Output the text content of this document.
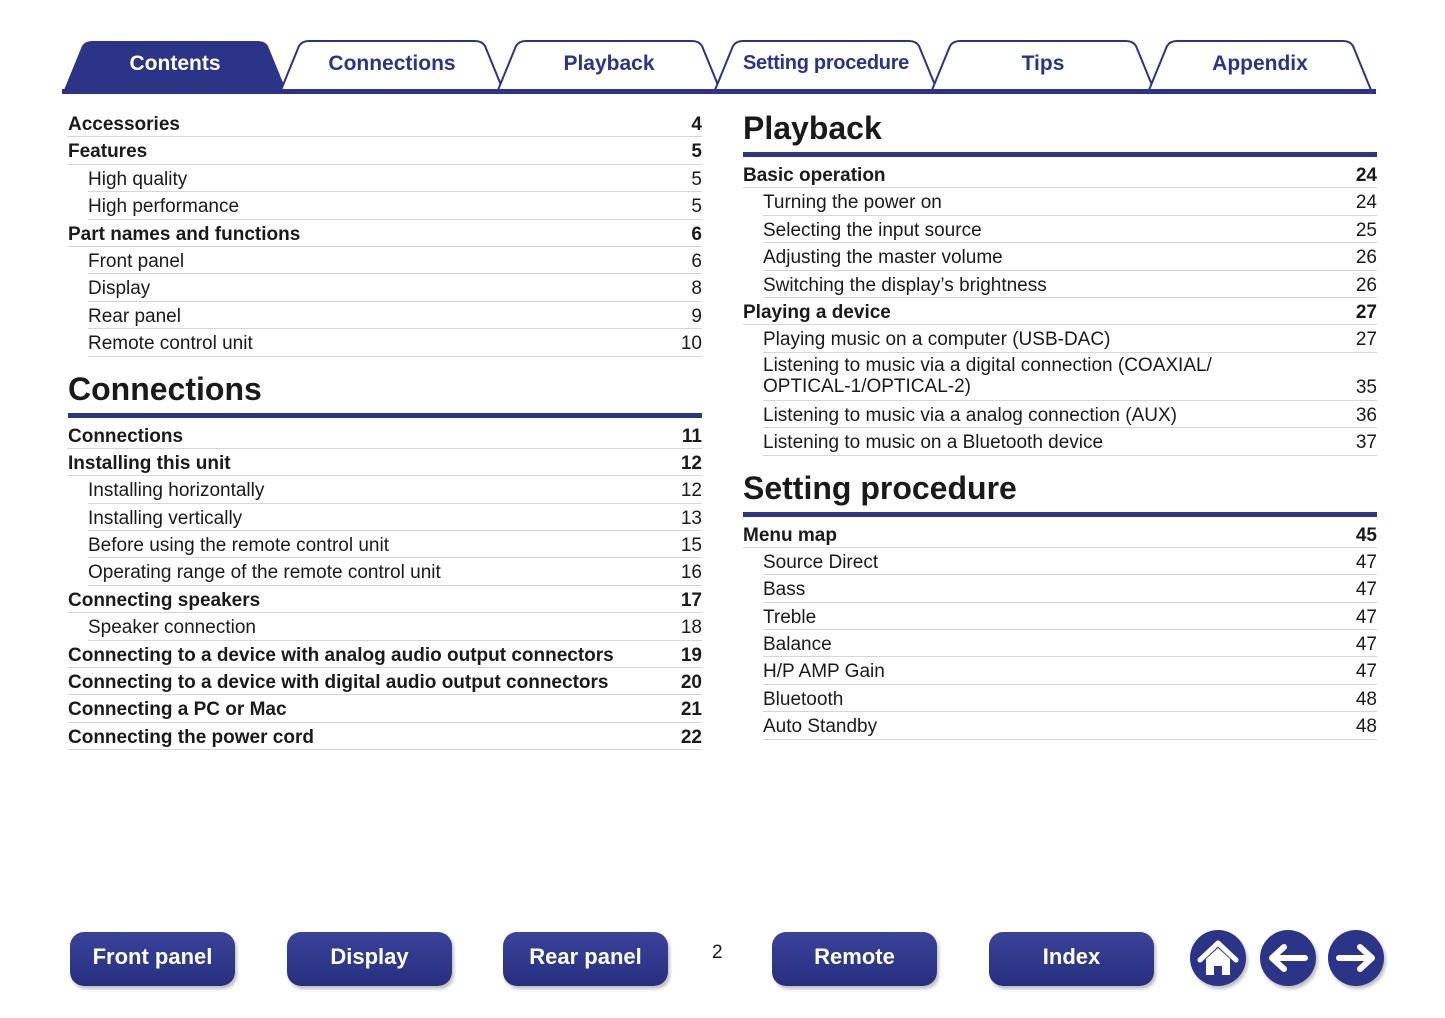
Contents	Connections	Playback	Setting procedure	Tips	Appendix
Accessories	4
Features	5
High quality	5
High performance	5
Part names and functions	6
Front panel	6
Display	8
Rear panel	9
Remote control unit	10
Connections
Connections	11
Installing this unit	12
Installing horizontally	12
Installing vertically	13
Before using the remote control unit	15
Operating range of the remote control unit	16
Connecting speakers	17
Speaker connection	18
Connecting to a device with analog audio output connectors	19
Connecting to a device with digital audio output connectors	20
Connecting a PC or Mac	21
Connecting the power cord	22
Playback
Basic operation	24
Turning the power on	24
Selecting the input source	25
Adjusting the master volume	26
Switching the display’s brightness	26
Playing a device	27
Playing music on a computer (USB-DAC)	27
Listening to music via a digital connection (COAXIAL/ OPTICAL-1/OPTICAL-2)	35
Listening to music via a analog connection (AUX)	36
Listening to music on a Bluetooth device	37
Setting procedure
Menu map	45
Source Direct	47
Bass	47
Treble	47
Balance	47
H/P AMP Gain	47
Bluetooth	48
Auto Standby	48
Front panel	Display	Rear panel	2	Remote	Index
